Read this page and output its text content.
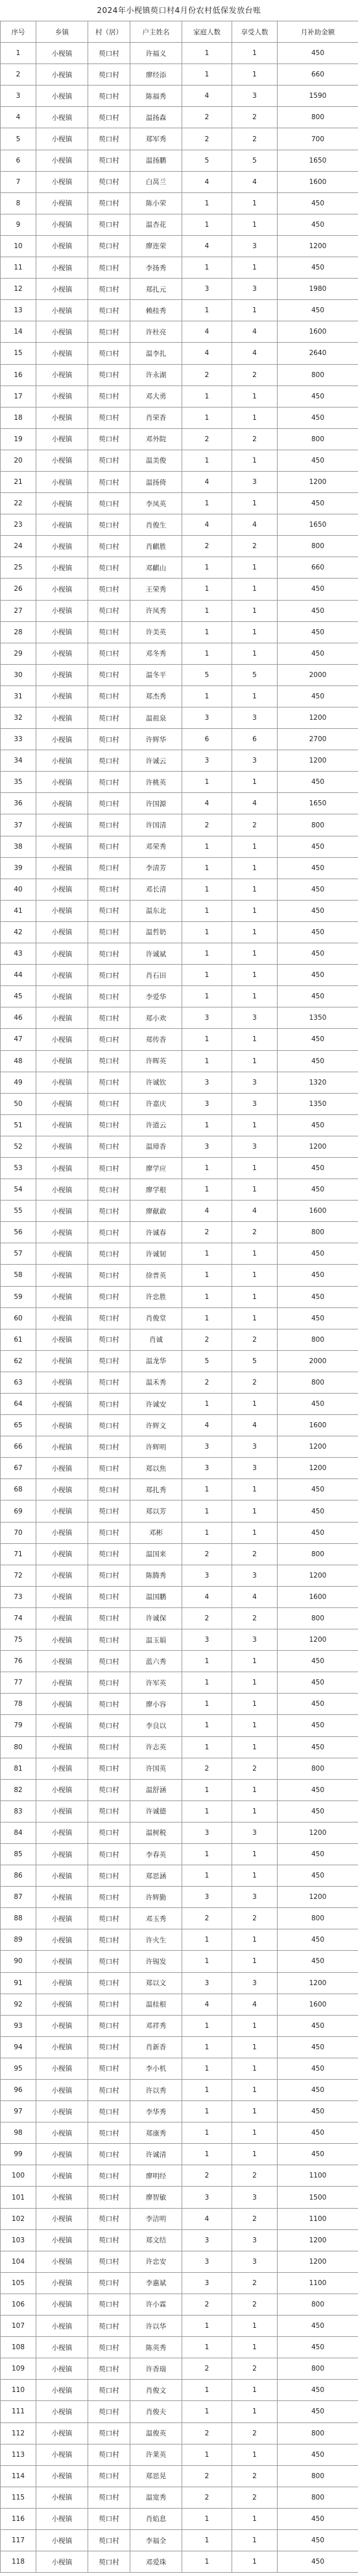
2024年小枧镇萸口村4月份农村低保发放台账
序号	乡镇	村（居）	户主姓名	家庭人数	享受人数	月补助金额
1	小枧镇	萸口村	许福义	1	1	450
2	小枧镇	萸口村	廖经添	1	1	660
3	小枧镇	萸口村	陈福秀	4	3	1590
4	小枧镇	萸口村	温扬森	2	2	800
5	小枧镇	萸口村	郑军秀	2	2	700
6	小枧镇	萸口村	温扬鹏	5	5	1650
7	小枧镇	萸口村	白莴兰	4	4	1600
8	小枧镇	萸口村	陈小荣	1	1	450
9	小枧镇	萸口村	温杏花	1	1	450
10	小枧镇	萸口村	廖连荣	4	3	1200
11	小枧镇	萸口村	李扬秀	1	1	450
12	小枧镇	萸口村	郑扎元	3	3	1980
13	小枧镇	萸口村	赖桂秀	1	1	450
14	小枧镇	萸口村	许杜亮	4	4	1600
15	小枧镇	萸口村	温李扎	4	4	2640
16	小枧镇	萸口村	许永湖	2	2	800
17	小枧镇	萸口村	邓大勇	1	1	450
18	小枧镇	萸口村	肖荣香	1	1	450
19	小枧镇	萸口村	邓外院	2	2	800
20	小枧镇	萸口村	温美俊	1	1	450
21	小枧镇	萸口村	温扬倚	4	3	1200
22	小枧镇	萸口村	李凤英	1	1	450
23	小枧镇	萸口村	肖俊生	4	4	1650
24	小枧镇	萸口村	肖麒胜	2	2	800
25	小枧镇	萸口村	邓麒山	1	1	660
26	小枧镇	萸口村	王荣秀	1	1	450
27	小枧镇	萸口村	许凤秀	1	1	450
28	小枧镇	萸口村	许美英	1	1	450
29	小枧镇	萸口村	邓冬秀	1	1	450
30	小枧镇	萸口村	温冬平	5	5	2000
31	小枧镇	萸口村	郑杰秀	1	1	450
32	小枧镇	萸口村	温祖泉	3	3	1200
33	小枧镇	萸口村	许辉华	6	6	2700
34	小枧镇	萸口村	许诚云	3	3	1200
35	小枧镇	萸口村	许桃英	1	1	450
36	小枧镇	萸口村	许国源	4	4	1650
37	小枧镇	萸口村	许国清	2	2	800
38	小枧镇	萸口村	邓荣秀	1	1	450
39	小枧镇	萸口村	李清芳	1	1	450
40	小枧镇	萸口村	邓长清	1	1	450
41	小枧镇	萸口村	温东北	1	1	450
42	小枧镇	萸口村	温哲奶	1	1	450
43	小枧镇	萸口村	许诚斌	1	1	450
44	小枧镇	萸口村	肖石田	1	1	450
45	小枧镇	萸口村	李爱华	1	1	450
46	小枧镇	萸口村	郑小欢	3	3	1350
47	小枧镇	萸口村	郑传香	1	1	450
48	小枧镇	萸口村	许晖英	1	1	450
49	小枧镇	萸口村	许诚钦	3	3	1320
50	小枧镇	萸口村	许嘉庆	3	3	1350
51	小枧镇	萸口村	许道云	1	1	450
52	小枧镇	萸口村	温璋香	3	3	1200
53	小枧镇	萸口村	廖学应	1	1	450
54	小枧镇	萸口村	廖学根	1	1	450
55	小枧镇	萸口村	廖献敢	4	4	1600
56	小枧镇	萸口村	许诚春	2	2	800
57	小枧镇	萸口村	许诚韧	1	1	450
58	小枧镇	萸口村	徐普英	1	1	450
59	小枧镇	萸口村	许忠胜	1	1	450
60	小枧镇	萸口村	肖俊堂	1	1	450
61	小枧镇	萸口村	肖诚	2	2	800
62	小枧镇	萸口村	温龙华	5	5	2000
63	小枧镇	萸口村	温禾秀	2	2	800
64	小枧镇	萸口村	许诚安	1	1	450
65	小枧镇	萸口村	许辉文	4	4	1600
66	小枧镇	萸口村	许辉明	3	3	1200
67	小枧镇	萸口村	郑以焦	3	3	1200
68	小枧镇	萸口村	郑扎秀	1	1	450
69	小枧镇	萸口村	郑以芳	1	1	450
70	小枧镇	萸口村	邓彬	1	1	450
71	小枧镇	萸口村	温国来	2	2	800
72	小枧镇	萸口村	陈腾秀	3	3	1200
73	小枧镇	萸口村	温国鹏	4	4	1600
74	小枧镇	萸口村	许诚保	2	2	800
75	小枧镇	萸口村	温玉娟	3	3	1200
76	小枧镇	萸口村	蓝六秀	1	1	450
77	小枧镇	萸口村	许军英	1	1	450
78	小枧镇	萸口村	廖小容	1	1	450
79	小枧镇	萸口村	李良以	1	1	450
80	小枧镇	萸口村	许志英	1	1	450
81	小枧镇	萸口村	许国英	2	2	800
82	小枧镇	萸口村	温舒涵	1	1	450
83	小枧镇	萸口村	许诚德	1	1	450
84	小枧镇	萸口村	温树税	3	3	1200
85	小枧镇	萸口村	李春英	1	1	450
86	小枧镇	萸口村	郑思涵	1	1	450
87	小枧镇	萸口村	许辉勤	3	3	1200
88	小枧镇	萸口村	邓玉秀	2	2	800
89	小枧镇	萸口村	许火生	1	1	450
90	小枧镇	萸口村	许锡发	1	1	450
91	小枧镇	萸口村	郑以文	3	3	1200
92	小枧镇	萸口村	温桂根	4	4	1600
93	小枧镇	萸口村	邓祥秀	1	1	450
94	小枧镇	萸口村	肖新香	1	1	450
95	小枧镇	萸口村	李小机	1	1	450
96	小枧镇	萸口村	许以秀	1	1	450
97	小枧镇	萸口村	李华秀	1	1	450
98	小枧镇	萸口村	郑康秀	1	1	450
99	小枧镇	萸口村	许诚清	1	1	450
100	小枧镇	萸口村	廖明经	2	2	1100
101	小枧镇	萸口村	廖智敏	3	3	1500
102	小枧镇	萸口村	李洁明	4	2	1100
103	小枧镇	萸口村	郑文结	3	3	1200
104	小枧镇	萸口村	许忠安	3	3	1200
105	小枧镇	萸口村	李惠斌	3	2	1100
106	小枧镇	萸口村	许小霖	2	2	800
107	小枧镇	萸口村	许以华	1	1	450
108	小枧镇	萸口村	陈英秀	1	1	450
109	小枧镇	萸口村	许香瑞	2	2	800
110	小枧镇	萸口村	肖俊文	1	1	450
111	小枧镇	萸口村	肖俊夫	1	1	450
112	小枧镇	萸口村	温俊英	2	2	800
113	小枧镇	萸口村	许莱英	1	1	450
114	小枧镇	萸口村	郑思晃	2	2	800
115	小枧镇	萸口村	温宽秀	2	2	800
116	小枧镇	萸口村	肖焰息	1	1	450
117	小枧镇	萸口村	李福全	1	1	450
118	小枧镇	萸口村	邓爱珠	1	1	450
